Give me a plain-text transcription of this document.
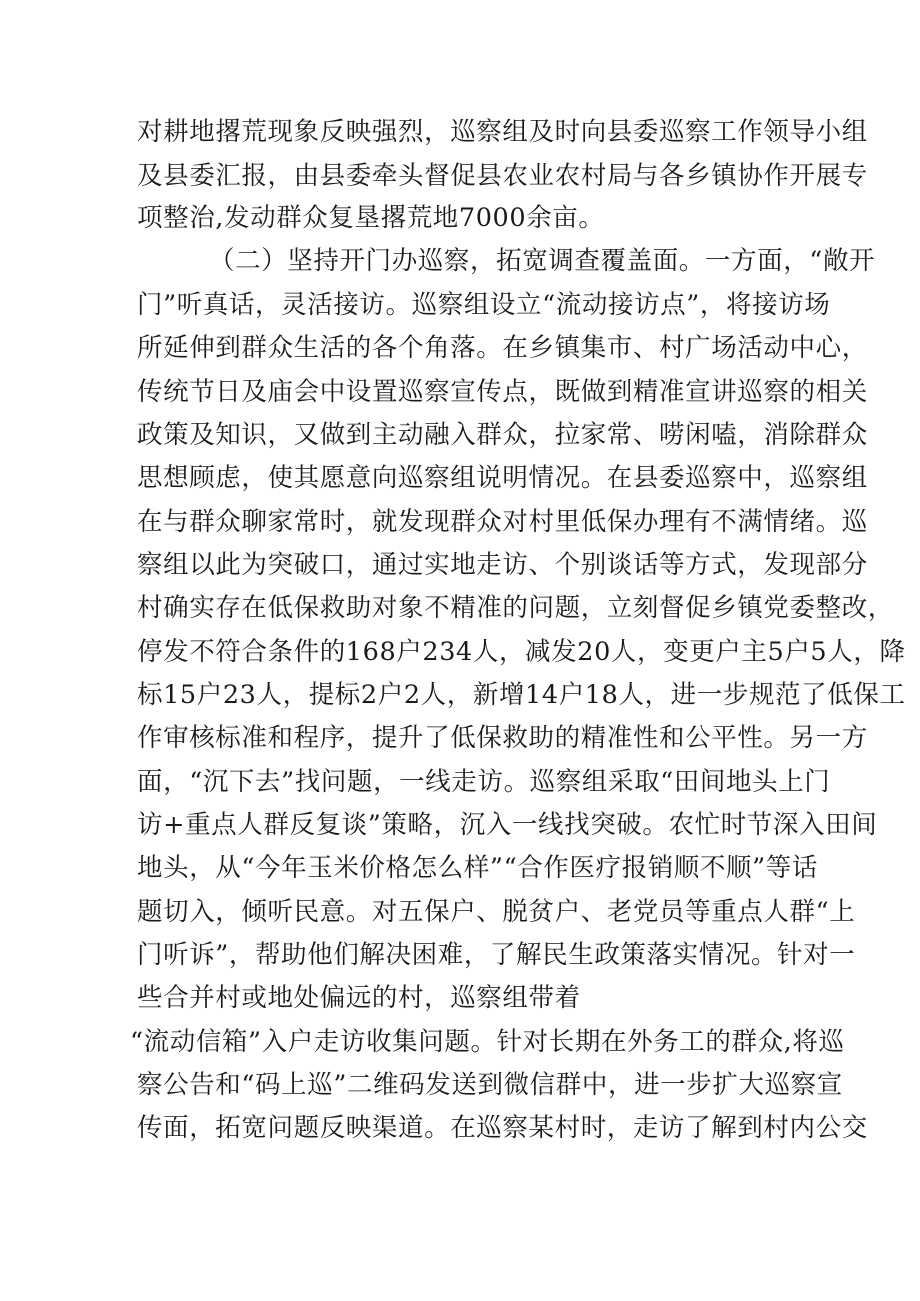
对耕地撂荒现象反映强烈，巡察组及时向县委巡察工作领导小组
及县委汇报，由县委牵头督促县农业农村局与各乡镇协作开展专
项整治,发动群众复垦撂荒地7000余亩。
（二）坚持开门办巡察，拓宽调查覆盖面。一方面，“敞开
门”听真话，灵活接访。巡察组设立“流动接访点”，将接访场
所延伸到群众生活的各个角落。在乡镇集市、村广场活动中心，
传统节日及庙会中设置巡察宣传点，既做到精准宣讲巡察的相关
政策及知识，又做到主动融入群众，拉家常、唠闲嗑，消除群众
思想顾虑，使其愿意向巡察组说明情况。在县委巡察中，巡察组
在与群众聊家常时，就发现群众对村里低保办理有不满情绪。巡
察组以此为突破口，通过实地走访、个别谈话等方式，发现部分
村确实存在低保救助对象不精准的问题，立刻督促乡镇党委整改，
停发不符合条件的168户234人，减发20人，变更户主5户5人，降
标15户23人，提标2户2人，新增14户18人，进一步规范了低保工
作审核标准和程序，提升了低保救助的精准性和公平性。另一方
面，“沉下去”找问题，一线走访。巡察组采取“田间地头上门
访+重点人群反复谈”策略，沉入一线找突破。农忙时节深入田间
地头，从“今年玉米价格怎么样”“合作医疗报销顺不顺”等话
题切入，倾听民意。对五保户、脱贫户、老党员等重点人群“上
门听诉”，帮助他们解决困难，了解民生政策落实情况。针对一
些合并村或地处偏远的村，巡察组带着
“流动信箱”入户走访收集问题。针对长期在外务工的群众,将巡
察公告和“码上巡”二维码发送到微信群中，进一步扩大巡察宣
传面，拓宽问题反映渠道。在巡察某村时，走访了解到村内公交
